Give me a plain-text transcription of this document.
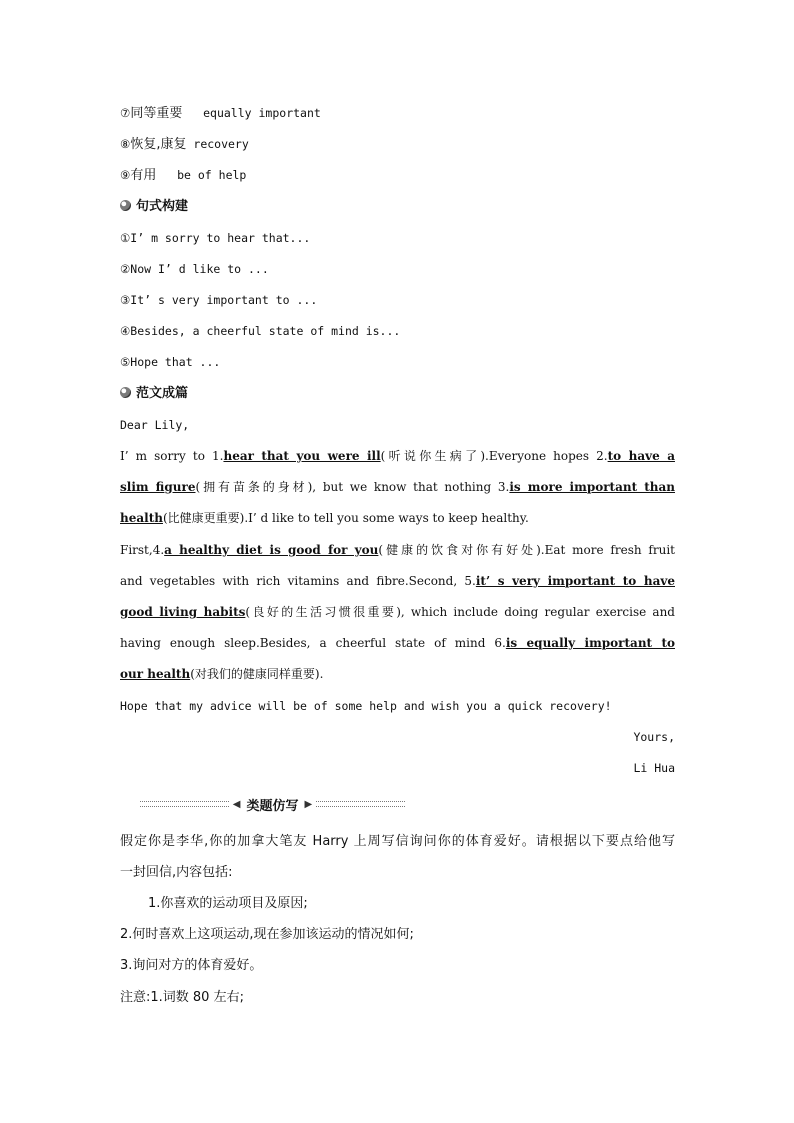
⑦同等重要 equally important
⑧恢复,康复 recovery
⑨有用 be of help
句式构建
①I’ m sorry to hear that...
②Now I’ d like to ...
③It’ s very important to ...
④Besides, a cheerful state of mind is...
⑤Hope that ...
范文成篇
Dear Lily,
I’ m sorry to 1.hear that you were ill(听说你生病了).Everyone hopes 2.to have a
slim figure(拥有苗条的身材), but we know that nothing 3.is more important than
health(比健康更重要).I’ d like to tell you some ways to keep healthy.
First,4.a healthy diet is good for you(健康的饮食对你有好处).Eat more fresh fruit
and vegetables with rich vitamins and fibre.Second, 5.it’ s very important to have
good living habits(良好的生活习惯很重要), which include doing regular exercise and
having enough sleep.Besides, a cheerful state of mind 6.is equally important to
our health(对我们的健康同样重要).
Hope that my advice will be of some help and wish you a quick recovery!
Yours,
Li Hua
◀ 类题仿写 ▶
假定你是李华,你的加拿大笔友 Harry 上周写信询问你的体育爱好。请根据以下要点给他写
一封回信,内容包括:
1.你喜欢的运动项目及原因;
2.何时喜欢上这项运动,现在参加该运动的情况如何;
3.询问对方的体育爱好。
注意:1.词数 80 左右;
